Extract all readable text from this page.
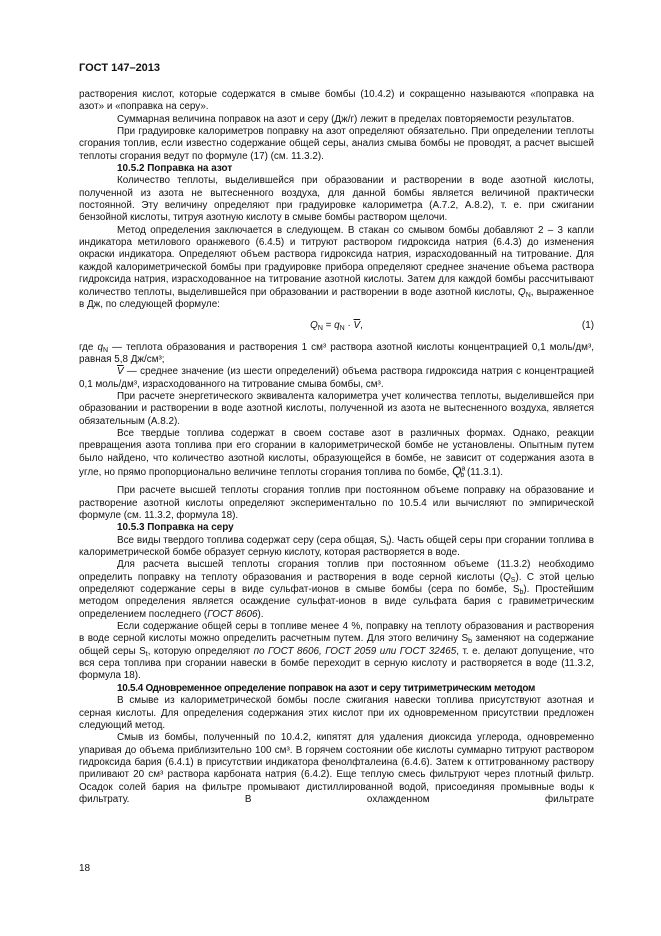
ГОСТ 147–2013

растворения кислот, которые содержатся в смыве бомбы (10.4.2) и сокращенно называются «поправка на азот» и «поправка на серу».

Суммарная величина поправок на азот и серу (Дж/г) лежит в пределах повторяемости результатов.

При градуировке калориметров поправку на азот определяют обязательно. При определении теплоты сгорания топлив, если известно содержание общей серы, анализ смыва бомбы не проводят, а расчет высшей теплоты сгорания ведут по формуле (17) (см. 11.3.2).

10.5.2 Поправка на азот

Количество теплоты, выделившейся при образовании и растворении в воде азотной кислоты, полученной из азота не вытесненного воздуха, для данной бомбы является величиной практически постоянной. Эту величину определяют при градуировке калориметра (А.7.2, А.8.2), т. е. при сжигании бензойной кислоты, титруя азотную кислоту в смыве бомбы раствором щелочи.

Метод определения заключается в следующем. В стакан со смывом бомбы добавляют 2 – 3 капли индикатора метилового оранжевого (6.4.5) и титруют раствором гидроксида натрия (6.4.3) до изменения окраски индикатора. Определяют объем раствора гидроксида натрия, израсходованный на титрование. Для каждой калориметрической бомбы при градуировке прибора определяют среднее значение объема раствора гидроксида натрия, израсходованное на титрование азотной кислоты. Затем для каждой бомбы рассчитывают количество теплоты, выделившейся при образовании и растворении в воде азотной кислоты, $Q_N$, выраженное в Дж, по следующей формуле:

$Q_N = q_N \cdot \overline{V}$,	(1)

где $q_N$ — теплота образования и растворения 1 см³ раствора азотной кислоты концентрацией 0,1 моль/дм³, равная 5,8 Дж/см³;

$\overline{V}$ — среднее значение (из шести определений) объема раствора гидроксида натрия с концентрацией 0,1 моль/дм³, израсходованного на титрование смыва бомбы, см³.

При расчете энергетического эквивалента калориметра учет количества теплоты, выделившейся при образовании и растворении в воде азотной кислоты, полученной из азота не вытесненного воздуха, является обязательным (А.8.2).

Все твердые топлива содержат в своем составе азот в различных формах. Однако, реакции превращения азота топлива при его сгорании в калориметрической бомбе не установлены. Опытным путем было найдено, что количество азотной кислоты, образующейся в бомбе, не зависит от содержания азота в угле, но прямо пропорционально величине теплоты сгорания топлива по бомбе, $Q^a_b$ (11.3.1).

При расчете высшей теплоты сгорания топлив при постоянном объеме поправку на образование и растворение азотной кислоты определяют экспериментально по 10.5.4 или вычисляют по эмпирической формуле (см. 11.3.2, формула 18).

10.5.3 Поправка на серу

Все виды твердого топлива содержат серу (сера общая, $S_t$). Часть общей серы при сгорании топлива в калориметрической бомбе образует серную кислоту, которая растворяется в воде.

Для расчета высшей теплоты сгорания топлив при постоянном объеме (11.3.2) необходимо определить поправку на теплоту образования и растворения в воде серной кислоты $(Q_S)$. С этой целью определяют содержание серы в виде сульфат-ионов в смыве бомбы (сера по бомбе, $S_b$). Простейшим методом определения является осаждение сульфат-ионов в виде сульфата бария с гравиметрическим определением последнего (ГОСТ 8606).

Если содержание общей серы в топливе менее 4 %, поправку на теплоту образования и растворения в воде серной кислоты можно определить расчетным путем. Для этого величину $S_b$ заменяют на содержание общей серы $S_t$, которую определяют по ГОСТ 8606, ГОСТ 2059 или ГОСТ 32465, т. е. делают допущение, что вся сера топлива при сгорании навески в бомбе переходит в серную кислоту и растворяется в воде (11.3.2, формула 18).

10.5.4 Одновременное определение поправок на азот и серу титриметрическим методом

В смыве из калориметрической бомбы после сжигания навески топлива присутствуют азотная и серная кислоты. Для определения содержания этих кислот при их одновременном присутствии предложен следующий метод.

Смыв из бомбы, полученный по 10.4.2, кипятят для удаления диоксида углерода, одновременно упаривая до объема приблизительно 100 см³. В горячем состоянии обе кислоты суммарно титруют раствором гидроксида бария (6.4.1) в присутствии индикатора фенолфталеина (6.4.6). Затем к оттитрованному раствору приливают 20 см³ раствора карбоната натрия (6.4.2). Еще теплую смесь фильтруют через плотный фильтр. Осадок солей бария на фильтре промывают дистиллированной водой, присоединяя промывные воды к фильтрату. В охлажденном фильтрате

18
